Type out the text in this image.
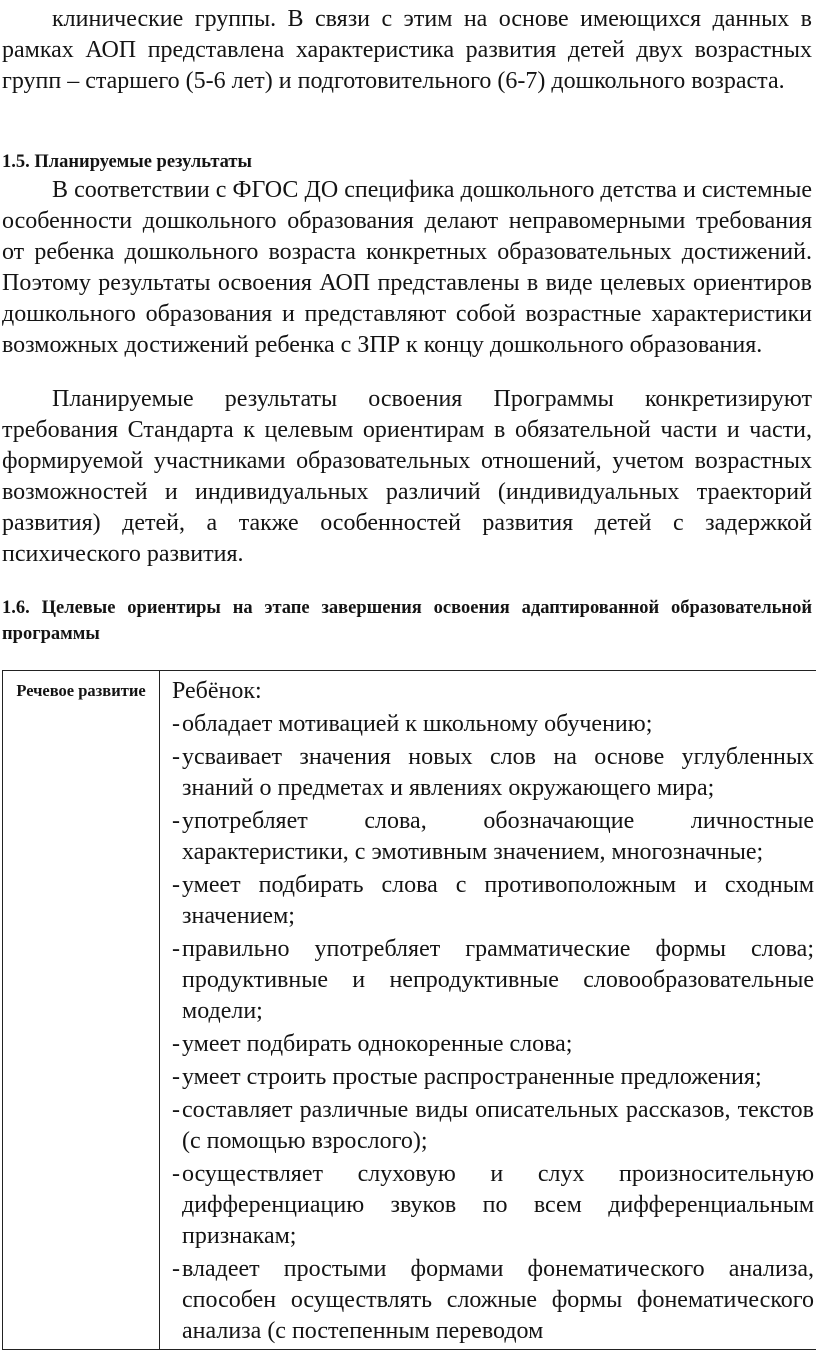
клинические группы. В связи с этим на основе имеющихся данных в рамках АОП представлена характеристика развития детей двух возрастных групп – старшего (5-6 лет) и подготовительного (6-7) дошкольного возраста.

1.5. Планируемые результаты

В соответствии с ФГОС ДО специфика дошкольного детства и системные особенности дошкольного образования делают неправомерными требования от ребенка дошкольного возраста конкретных образовательных достижений. Поэтому результаты освоения АОП представлены в виде целевых ориентиров дошкольного образования и представляют собой возрастные характеристики возможных достижений ребенка с ЗПР к концу дошкольного образования.

Планируемые результаты освоения Программы конкретизируют требования Стандарта к целевым ориентирам в обязательной части и части, формируемой участниками образовательных отношений, учетом возрастных возможностей и индивидуальных различий (индивидуальных траекторий развития) детей, а также особенностей развития детей с задержкой психического развития.

1.6. Целевые ориентиры на этапе завершения освоения адаптированной образовательной программы

Речевое развитие	Ребёнок:
- обладает мотивацией к школьному обучению;
- усваивает значения новых слов на основе углубленных знаний о предметах и явлениях окружающего мира;
- употребляет слова, обозначающие личностные характеристики, с эмотивным значением, многозначные;
- умеет подбирать слова с противоположным и сходным значением;
- правильно употребляет грамматические формы слова; продуктивные и непродуктивные словообразовательные модели;
- умеет подбирать однокоренные слова;
- умеет строить простые распространенные предложения;
- составляет различные виды описательных рассказов, текстов (с помощью взрослого);
- осуществляет слуховую и слух произносительную дифференциацию звуков по всем дифференциальным признакам;
- владеет простыми формами фонематического анализа, способен осуществлять сложные формы фонематического анализа (с постепенным переводом
